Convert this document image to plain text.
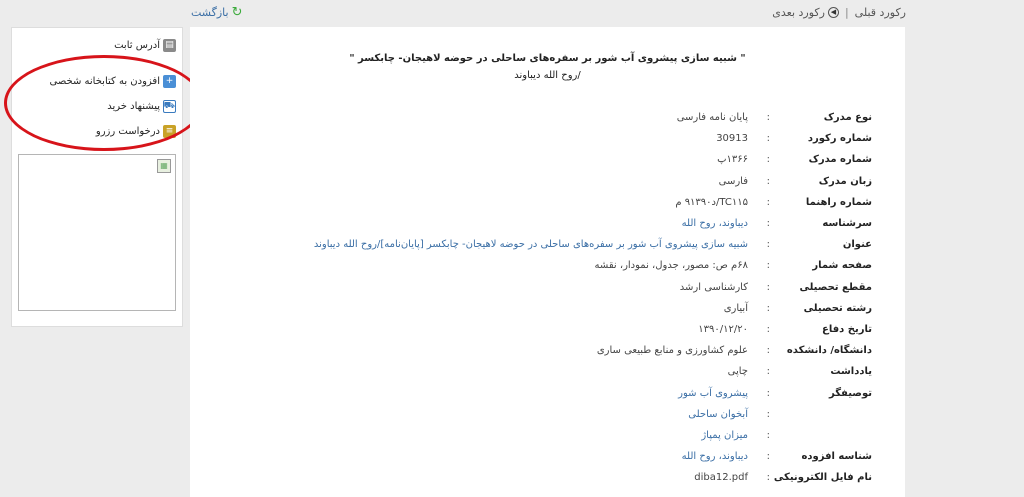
رکورد قبلی
|
◀
رکورد بعدی
بازگشت ↻
▤
آدرس ثابت
+
افزودن به کتابخانه شخصی
⛟
پیشنهاد خرید
≡
درخواست رزرو
▦
" شبیه سازی پیشروی آب شور بر سفره‌های ساحلی در حوضه لاهیجان- چابکسر "
/روح الله دیباوند
نوع مدرک
:
پایان نامه فارسی
شماره رکورد
:
30913
شماره مدرک
:
۱۳۶۶پ
زبان مدرک
:
فارسی
شماره راهنما
:
TC۱۱۵/د۹۱۳۹۰ م
سرشناسه
:
دیباوند، روح الله
عنوان
:
شبیه سازی پیشروی آب شور بر سفره‌های ساحلی در حوضه لاهیجان- چابکسر [پایان‌نامه]/روح الله دیباوند
صفحه شمار
:
۶۸م ص: مصور، جدول، نمودار، نقشه
مقطع تحصیلی
:
کارشناسی ارشد
رشته تحصیلی
:
آبیاری
تاریخ دفاع
:
۱۳۹۰/۱۲/۲۰
دانشگاه/ دانشکده
:
علوم کشاورزی و منابع طبیعی ساری
یادداشت
:
چاپی
توصیفگر
:
پیشروی آب شور
:
آبخوان ساحلی
:
میزان پمپاژ
شناسه افزوده
:
دیباوند، روح الله
نام فایل الکترونیکی
:
diba12.pdf
